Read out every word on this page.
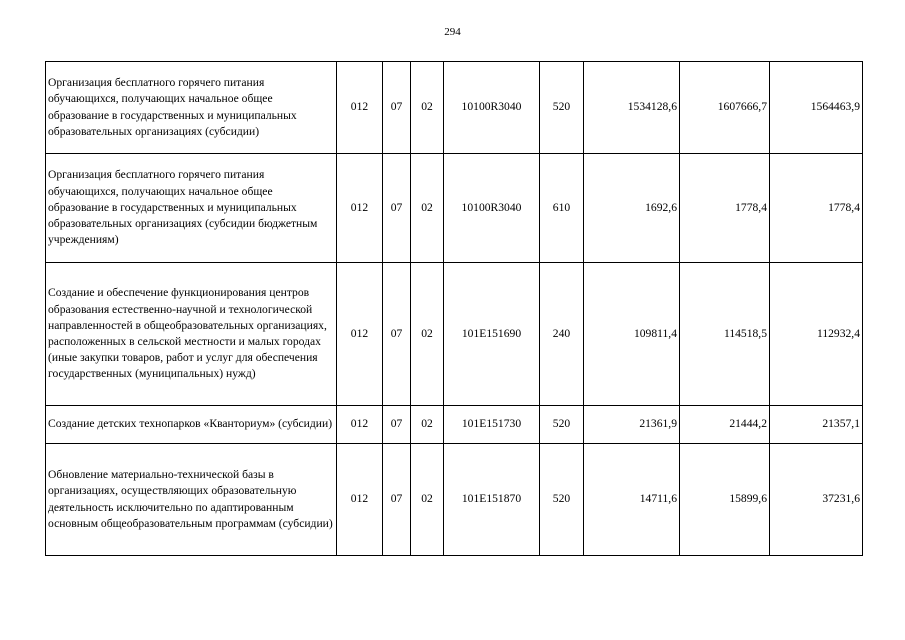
294
Организация бесплатного горячего питания обучающихся, получающих начальное общее образование в государственных и муниципальных образовательных организациях (субсидии)	012	07	02	10100R3040	520	1534128,6	1607666,7	1564463,9
Организация бесплатного горячего питания обучающихся, получающих начальное общее образование в государственных и муниципальных образовательных организациях (субсидии бюджетным учреждениям)	012	07	02	10100R3040	610	1692,6	1778,4	1778,4
Создание и обеспечение функционирования центров образования естественно-научной и технологической направленностей в общеобразовательных организациях, расположенных в сельской местности и малых городах (иные закупки товаров, работ и услуг для обеспечения государственных (муниципальных) нужд)	012	07	02	101E151690	240	109811,4	114518,5	112932,4
Создание детских технопарков «Кванториум» (субсидии)	012	07	02	101E151730	520	21361,9	21444,2	21357,1
Обновление материально-технической базы в организациях, осуществляющих образовательную деятельность исключительно по адаптированным основным общеобразовательным программам (субсидии)	012	07	02	101E151870	520	14711,6	15899,6	37231,6
